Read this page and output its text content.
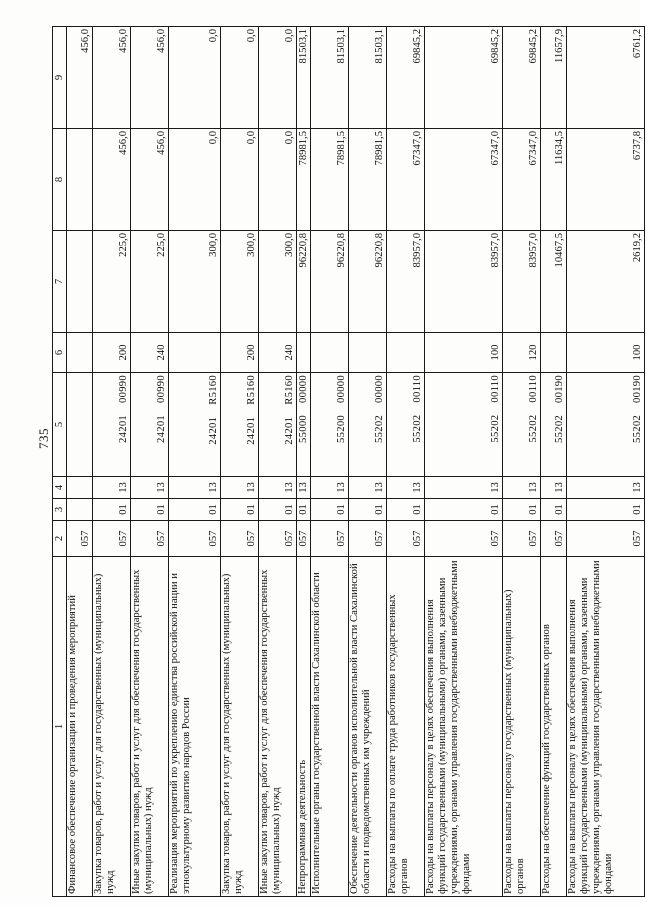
735
1	2	3	4	5	6	7	8	9
Финансовое обеспечение организации и проведения мероприятий	057							456,0
Закупка товаров, работ и услуг для государственных (муниципальных) нужд	057	01	13	2420100990	200	225,0	456,0	456,0
Иные закупки товаров, работ и услуг для обеспечения государственных (муниципальных) нужд	057	01	13	2420100990	240	225,0	456,0	456,0
Реализация мероприятий по укреплению единства российской нации и этнокультурному развитию народов России	057	01	13	24201R5160		300,0	0,0	0,0
Закупка товаров, работ и услуг для государственных (муниципальных) нужд	057	01	13	24201R5160	200	300,0	0,0	0,0
Иные закупки товаров, работ и услуг для обеспечения государственных (муниципальных) нужд	057	01	13	24201R5160	240	300,0	0,0	0,0
Непрограммная деятельность	057	01	13	5500000000		96220,8	78981,5	81503,1
Исполнительные органы государственной власти Сахалинской области	057	01	13	5520000000		96220,8	78981,5	81503,1
Обеспечение деятельности органов исполнительной власти Сахалинской области и подведомственных им учреждений	057	01	13	5520200000		96220,8	78981,5	81503,1
Расходы на выплаты по оплате труда работников государственных органов	057	01	13	5520200110		83957,0	67347,0	69845,2
Расходы на выплаты персоналу в целях обеспечения выполнения функций государственными (муниципальными) органами, казенными учреждениями, органами управления государственными внебюджетными фондами	057	01	13	5520200110	100	83957,0	67347,0	69845,2
Расходы на выплаты персоналу государственных (муниципальных) органов	057	01	13	5520200110	120	83957,0	67347,0	69845,2
Расходы на обеспечение функций государственных органов	057	01	13	5520200190		10467,5	11634,5	11657,9
Расходы на выплаты персоналу в целях обеспечения выполнения функций государственными (муниципальными) органами, казенными учреждениями, органами управления государственными внебюджетными фондами	057	01	13	5520200190	100	2619,2	6737,8	6761,2
